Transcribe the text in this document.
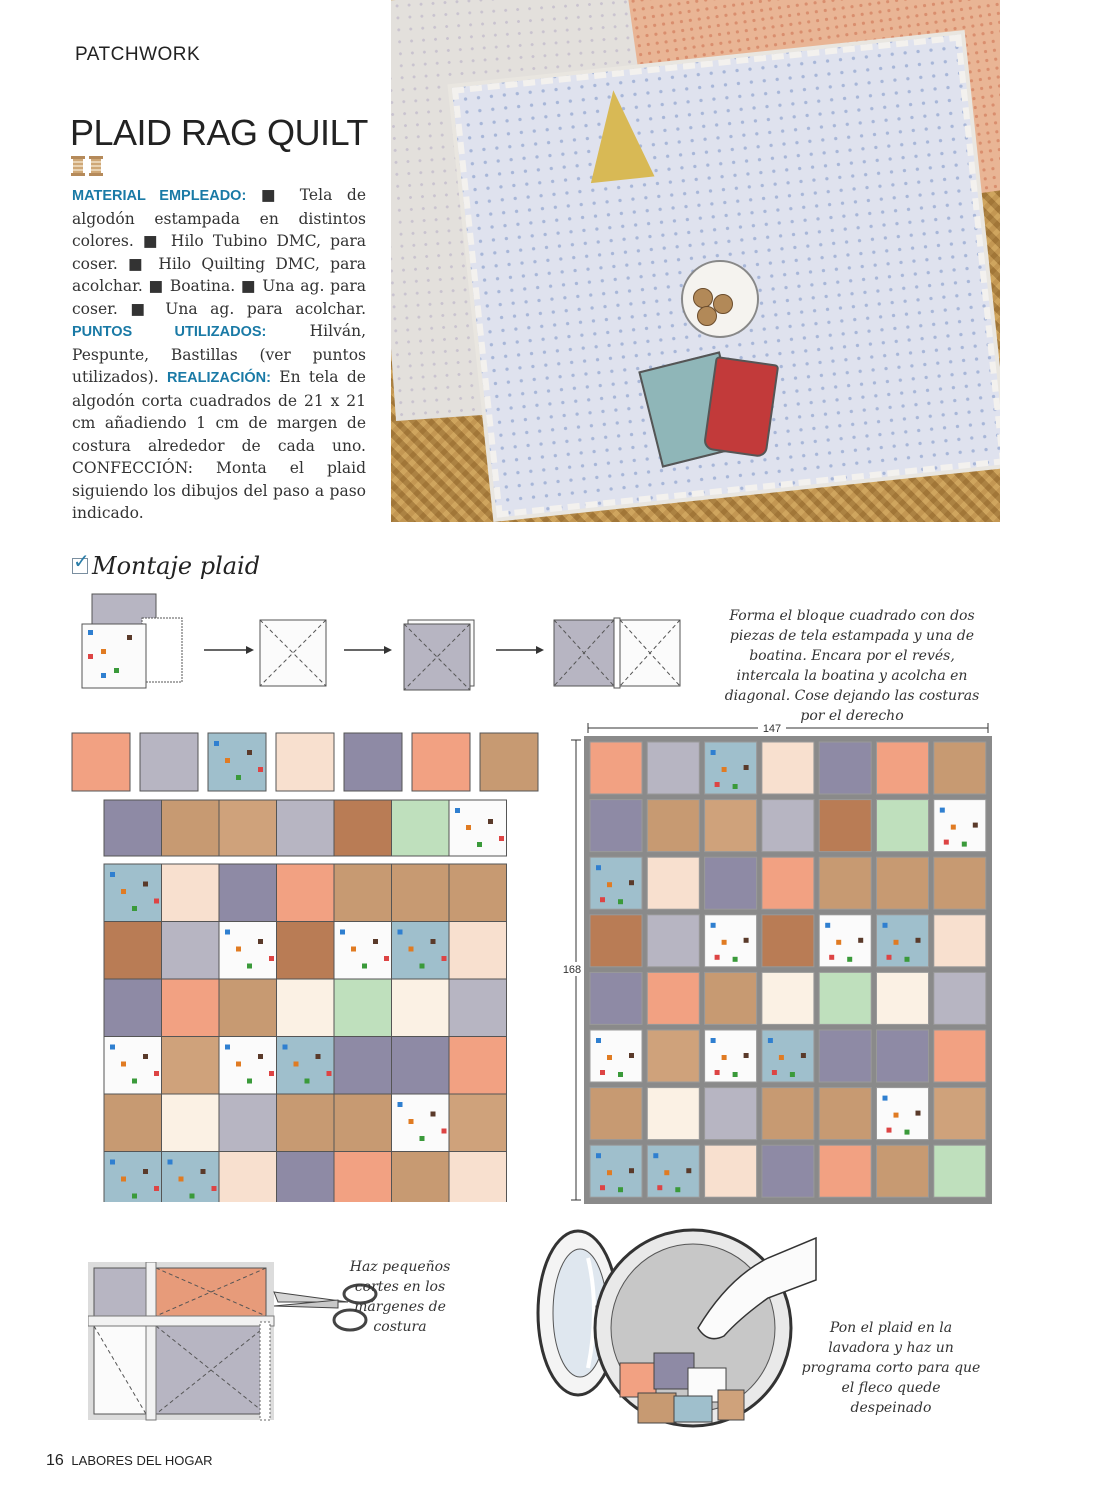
PATCHWORK
PLAID RAG QUILT
MATERIAL EMPLEADO: ■ Tela de algodón estampada en distintos colores. ■ Hilo Tubino DMC, para coser. ■ Hilo Quilting DMC, para acolchar. ■ Boatina. ■ Una ag. para coser. ■ Una ag. para acolchar. PUNTOS UTILIZADOS:	Hilván, Pespunte, Bastillas (ver puntos utilizados). REALIZACIÓN: En tela de algodón corta cuadrados de 21 x 21 cm añadiendo 1 cm de margen de costura alrededor de cada uno. CONFECCIÓN: Monta el plaid siguiendo los dibujos del paso a paso indicado.
✓ Montaje plaid
Forma el bloque cuadrado con dos piezas de tela estampada y una de boatina. Encara por el revés, intercala la boatina y acolcha en diagonal. Cose dejando las costuras por el derecho
147
168
Haz pequeños cortes en los márgenes de costura	Pon el plaid en la lavadora y haz un programa corto para que el fleco quede despeinado
16 LABORES DEL HOGAR
